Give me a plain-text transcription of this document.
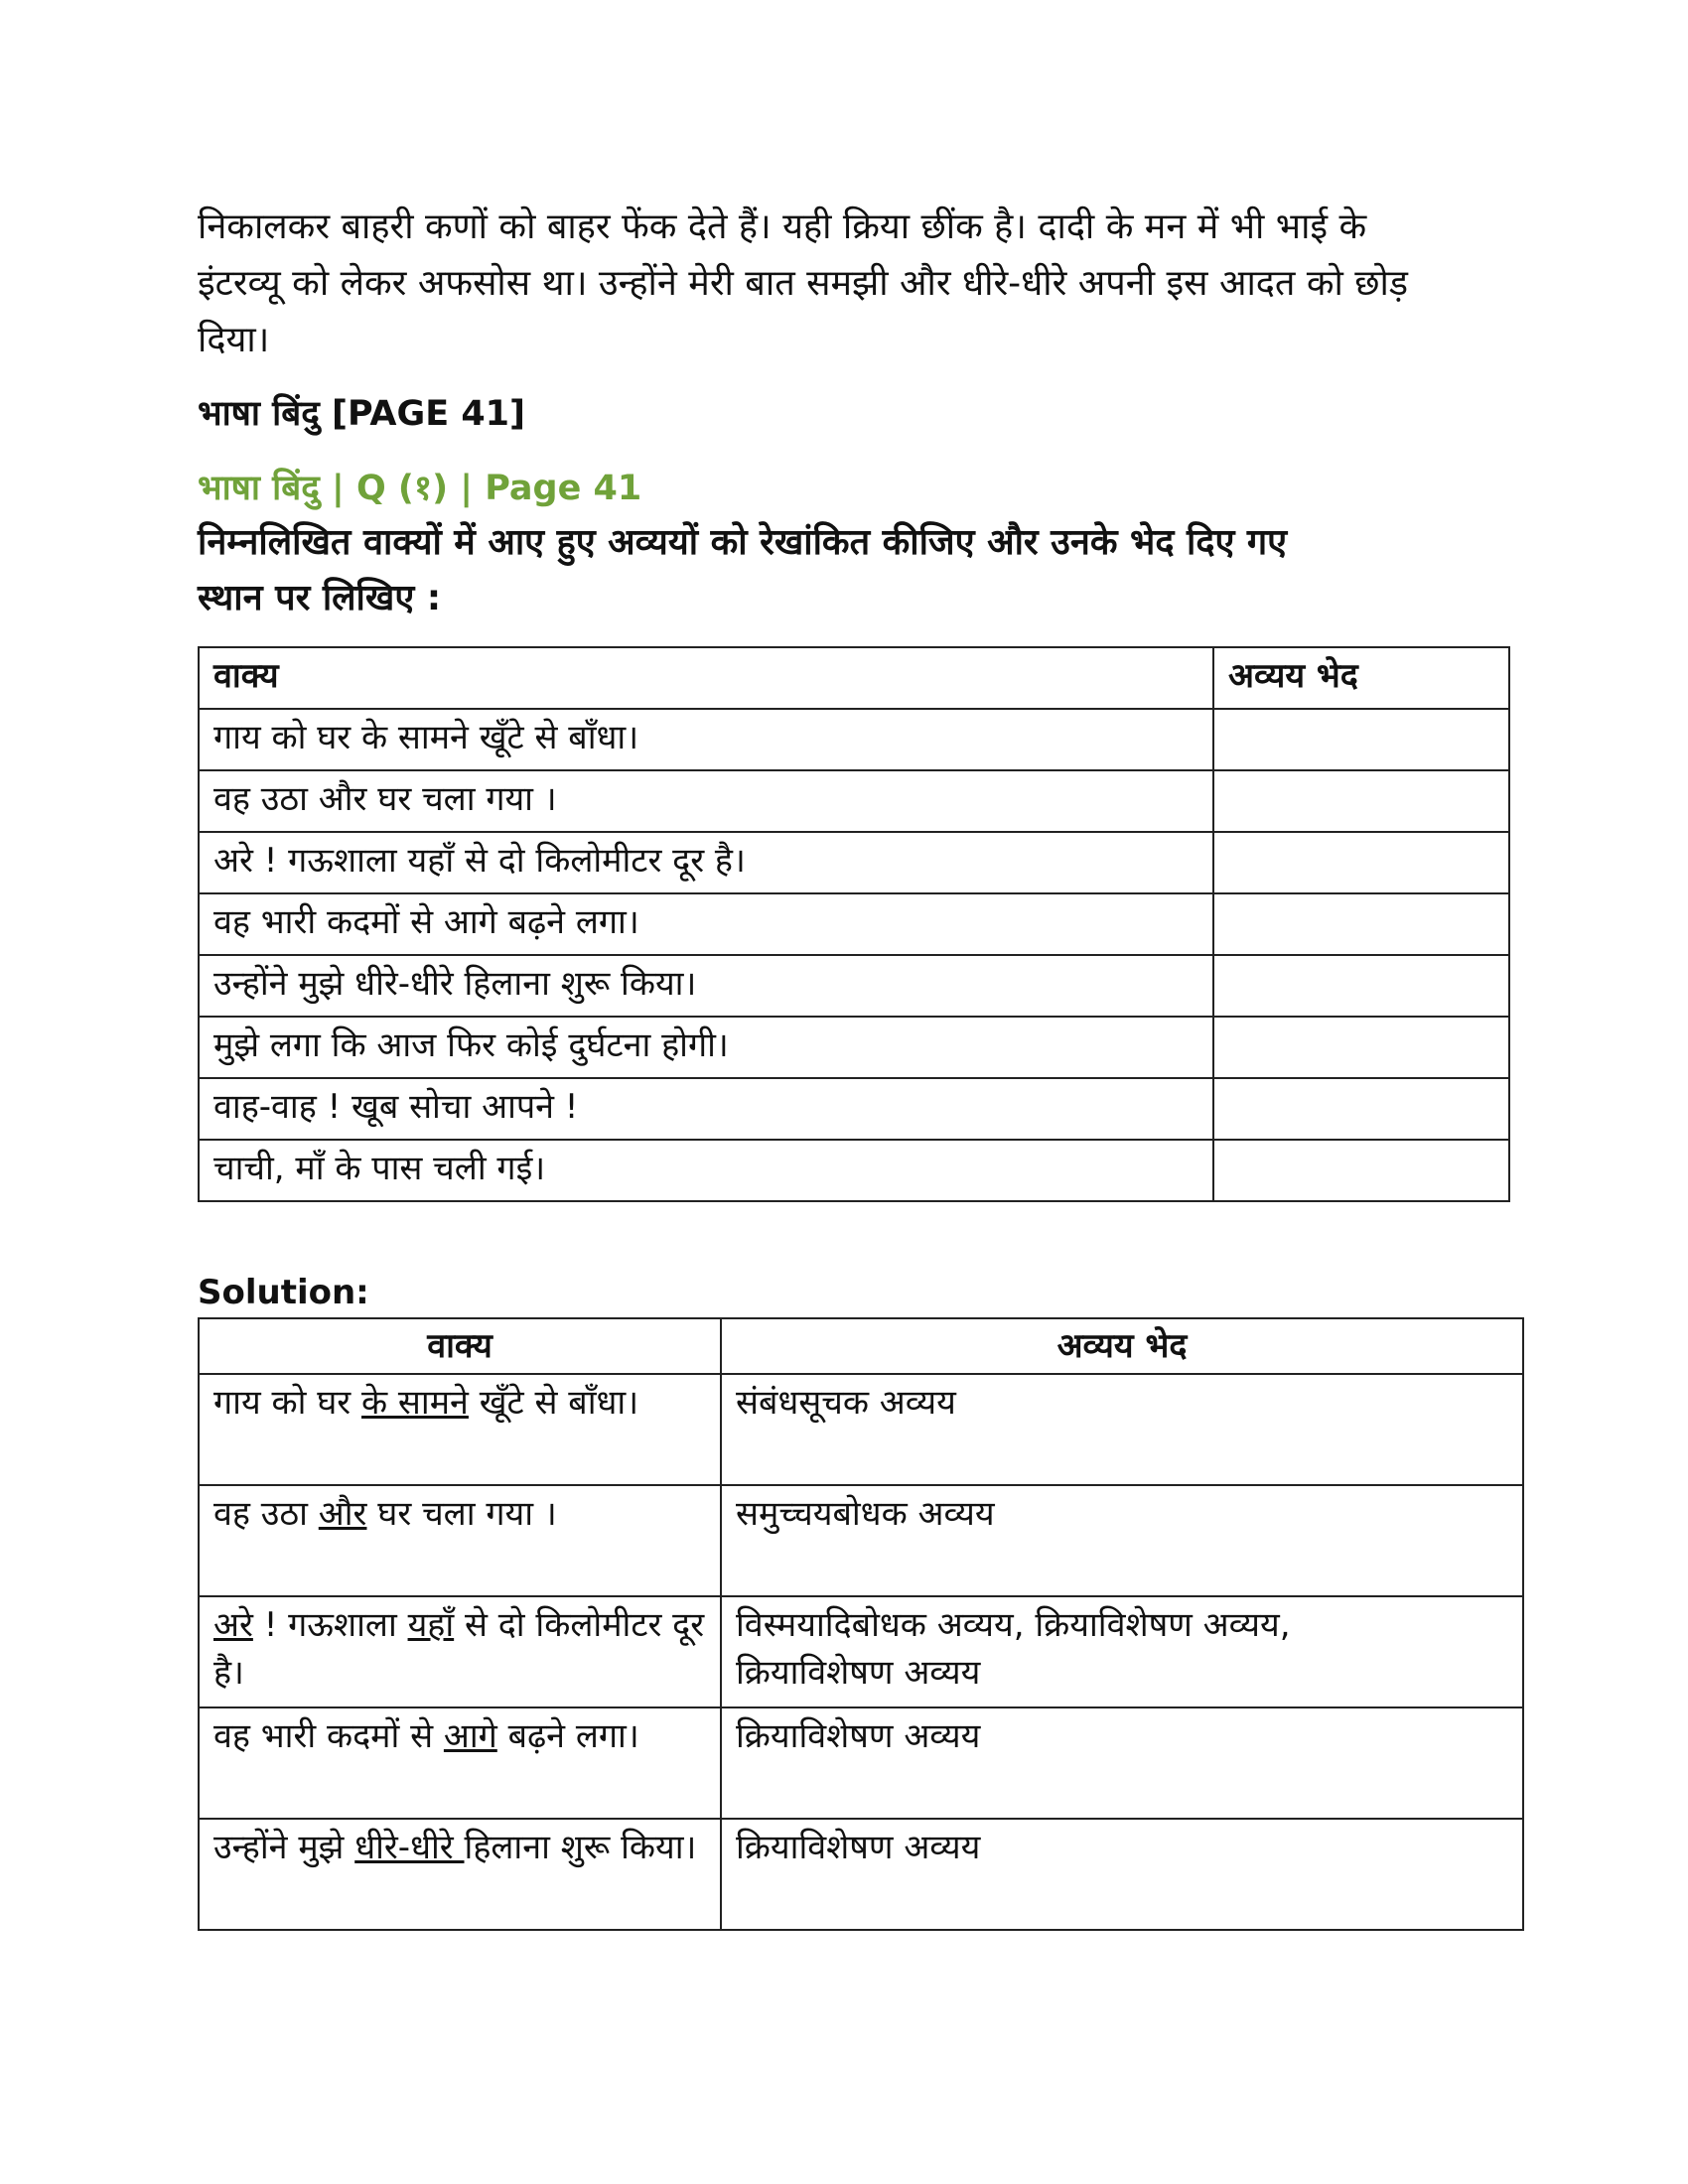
निकालकर बाहरी कणों को बाहर फेंक देते हैं। यही क्रिया छींक है। दादी के मन में भी भाई के

इंटरव्यू को लेकर अफसोस था। उन्होंने मेरी बात समझी और धीरे-धीरे अपनी इस आदत को छोड़

दिया।

भाषा बिंदु [PAGE 41]

भाषा बिंदु | Q (१) | Page 41

निम्नलिखित वाक्यों में आए हुए अव्ययों को रेखांकित कीजिए और उनके भेद दिए गए

स्थान पर लिखिए :

वाक्य	अव्यय भेद
गाय को घर के सामने खूँटे से बाँधा।	
वह उठा और घर चला गया ।	
अरे ! गऊशाला यहाँ से दो किलोमीटर दूर है।	
वह भारी कदमों से आगे बढ़ने लगा।	
उन्होंने मुझे धीरे-धीरे हिलाना शुरू किया।	
मुझे लगा कि आज फिर कोई दुर्घटना होगी।	
वाह-वाह ! खूब सोचा आपने !	
चाची, माँ के पास चली गई।	

Solution:

वाक्य	अव्यय भेद
गाय को घर के सामने खूँटे से बाँधा।	संबंधसूचक अव्यय

वह उठा और घर चला गया ।	समुच्चयबोधक अव्यय

अरे ! गऊशाला यहाँ से दो किलोमीटर दूर है।	विस्मयादिबोधक अव्यय, क्रियाविशेषण अव्यय,
क्रियाविशेषण अव्यय

वह भारी कदमों से आगे बढ़ने लगा।	क्रियाविशेषण अव्यय

उन्होंने मुझे धीरे-धीरे हिलाना शुरू किया।	क्रियाविशेषण अव्यय
